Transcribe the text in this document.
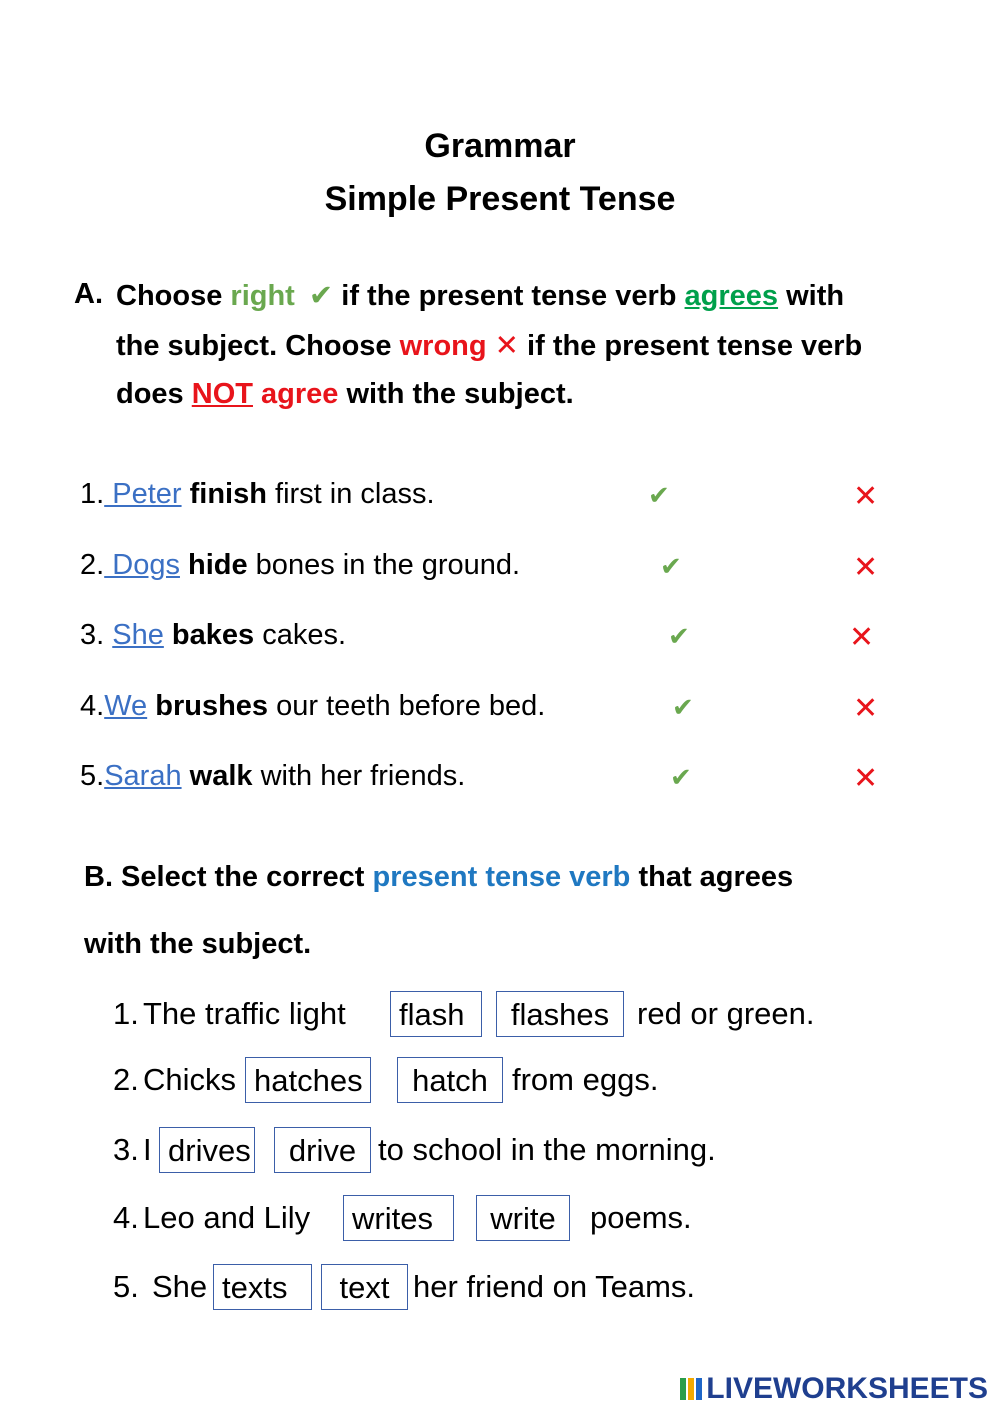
Grammar
Simple Present Tense
A. Choose right ✔ if the present tense verb agrees with
the subject. Choose wrong ✕ if the present tense verb
does NOT agree with the subject.
1. Peter finish first in class.	✔	✕
2. Dogs hide bones in the ground.	✔	✕
3. She bakes cakes.	✔	✕
4.We brushes our teeth before bed.	✔	✕
5.Sarah walk with her friends.	✔	✕
B. Select the correct present tense verb that agrees
with the subject.
1. The traffic light flash	flashes red or green.
2. Chicks hatches	hatch from eggs.
3. I drives	drive to school in the morning.
4. Leo and Lily writes	write	poems.
5. She texts	text her friend on Teams.
LIVEWORKSHEETS
